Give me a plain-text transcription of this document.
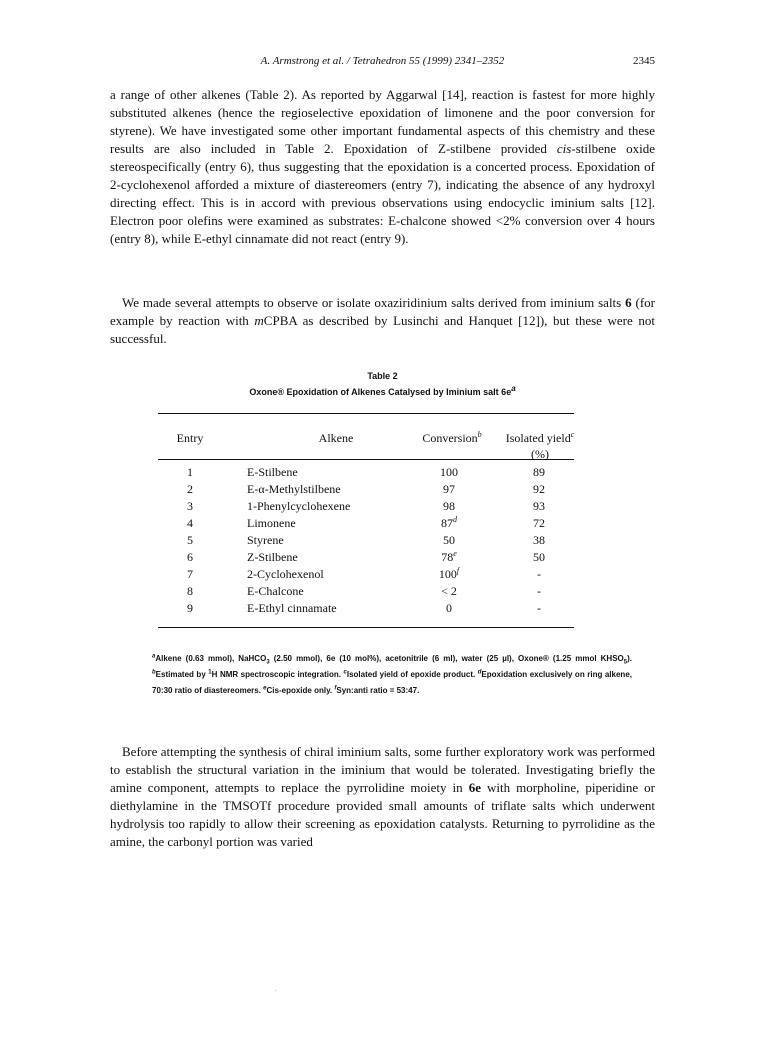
A. Armstrong et al. / Tetrahedron 55 (1999) 2341–2352	2345

a range of other alkenes (Table 2). As reported by Aggarwal [14], reaction is fastest for more highly substituted alkenes (hence the regioselective epoxidation of limonene and the poor conversion for styrene). We have investigated some other important fundamental aspects of this chemistry and these results are also included in Table 2. Epoxidation of Z-stilbene provided cis-stilbene oxide stereospecifically (entry 6), thus suggesting that the epoxidation is a concerted process. Epoxidation of 2-cyclohexenol afforded a mixture of diastereomers (entry 7), indicating the absence of any hydroxyl directing effect. This is in accord with previous observations using endocyclic iminium salts [12]. Electron poor olefins were examined as substrates: E-chalcone showed <2% conversion over 4 hours (entry 8), while E-ethyl cinnamate did not react (entry 9).

We made several attempts to observe or isolate oxaziridinium salts derived from iminium salts 6 (for example by reaction with mCPBA as described by Lusinchi and Hanquet [12]), but these were not successful.

Table 2
Oxone® Epoxidation of Alkenes Catalysed by Iminium salt $6e^a$
Entry	Alkene	Conversion$^b$	Isolated yield$^c$
(%)
1	E-Stilbene	100	89
2	E-α-Methylstilbene	97	92
3	1-Phenylcyclohexene	98	93
4	Limonene	87$^d$	72
5	Styrene	50	38
6	Z-Stilbene	78e	50
7	2-Cyclohexenol	100$^f$	-
8	E-Chalcone	< 2	-
9	E-Ethyl cinnamate	0	-

$^a$Alkene (0.63 mmol), NaHCO$_3$ (2.50 mmol), 6e (10 mol%), acetonitrile (6 ml), water (25 µl), Oxone® (1.25 mmol $KHSO_5$). $^b$Estimated by $^1$H NMR spectroscopic integration. $^c$Isolated yield of epoxide product. $^d$Epoxidation exclusively on ring alkene, 70:30 ratio of diastereomers. $^e$Cis-epoxide only. $^f$Syn:anti ratio = 53:47.

Before attempting the synthesis of chiral iminium salts, some further exploratory work was performed to establish the structural variation in the iminium that would be tolerated. Investigating briefly the amine component, attempts to replace the pyrrolidine moiety in 6e with morpholine, piperidine or diethylamine in the TMSOTf procedure provided small amounts of triflate salts which underwent hydrolysis too rapidly to allow their screening as epoxidation catalysts. Returning to pyrrolidine as the amine, the carbonyl portion was varied
